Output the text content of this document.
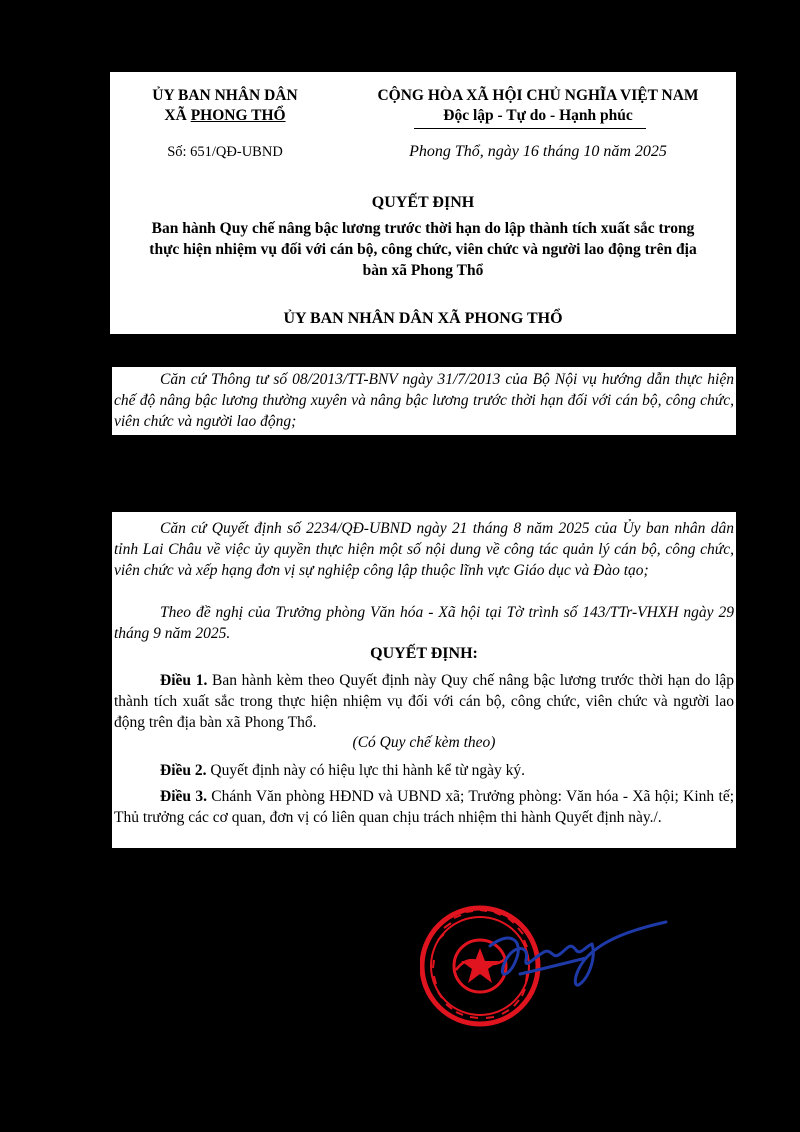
ỦY BAN NHÂN DÂN
XÃ PHONG THỔ
Số: 651/QĐ-UBND
CỘNG HÒA XÃ HỘI CHỦ NGHĨA VIỆT NAM
Độc lập - Tự do - Hạnh phúc
Phong Thổ, ngày 16 tháng 10 năm 2025
QUYẾT ĐỊNH
Ban hành Quy chế nâng bậc lương trước thời hạn do lập thành tích xuất sắc trong thực hiện nhiệm vụ đối với cán bộ, công chức, viên chức và người lao động trên địa bàn xã Phong Thổ
ỦY BAN NHÂN DÂN XÃ PHONG THỔ
Căn cứ Thông tư số 08/2013/TT-BNV ngày 31/7/2013 của Bộ Nội vụ hướng dẫn thực hiện chế độ nâng bậc lương thường xuyên và nâng bậc lương trước thời hạn đối với cán bộ, công chức, viên chức và người lao động;
Căn cứ Quyết định số 2234/QĐ-UBND ngày 21 tháng 8 năm 2025 của Ủy ban nhân dân tỉnh Lai Châu về việc ủy quyền thực hiện một số nội dung về công tác quản lý cán bộ, công chức, viên chức và xếp hạng đơn vị sự nghiệp công lập thuộc lĩnh vực Giáo dục và Đào tạo;
Theo đề nghị của Trưởng phòng Văn hóa - Xã hội tại Tờ trình số 143/TTr-VHXH ngày 29 tháng 9 năm 2025.
QUYẾT ĐỊNH:
Điều 1. Ban hành kèm theo Quyết định này Quy chế nâng bậc lương trước thời hạn do lập thành tích xuất sắc trong thực hiện nhiệm vụ đối với cán bộ, công chức, viên chức và người lao động trên địa bàn xã Phong Thổ.
(Có Quy chế kèm theo)
Điều 2. Quyết định này có hiệu lực thi hành kể từ ngày ký.
Điều 3. Chánh Văn phòng HĐND và UBND xã; Trưởng phòng: Văn hóa - Xã hội; Kinh tế; Thủ trưởng các cơ quan, đơn vị có liên quan chịu trách nhiệm thi hành Quyết định này./.
